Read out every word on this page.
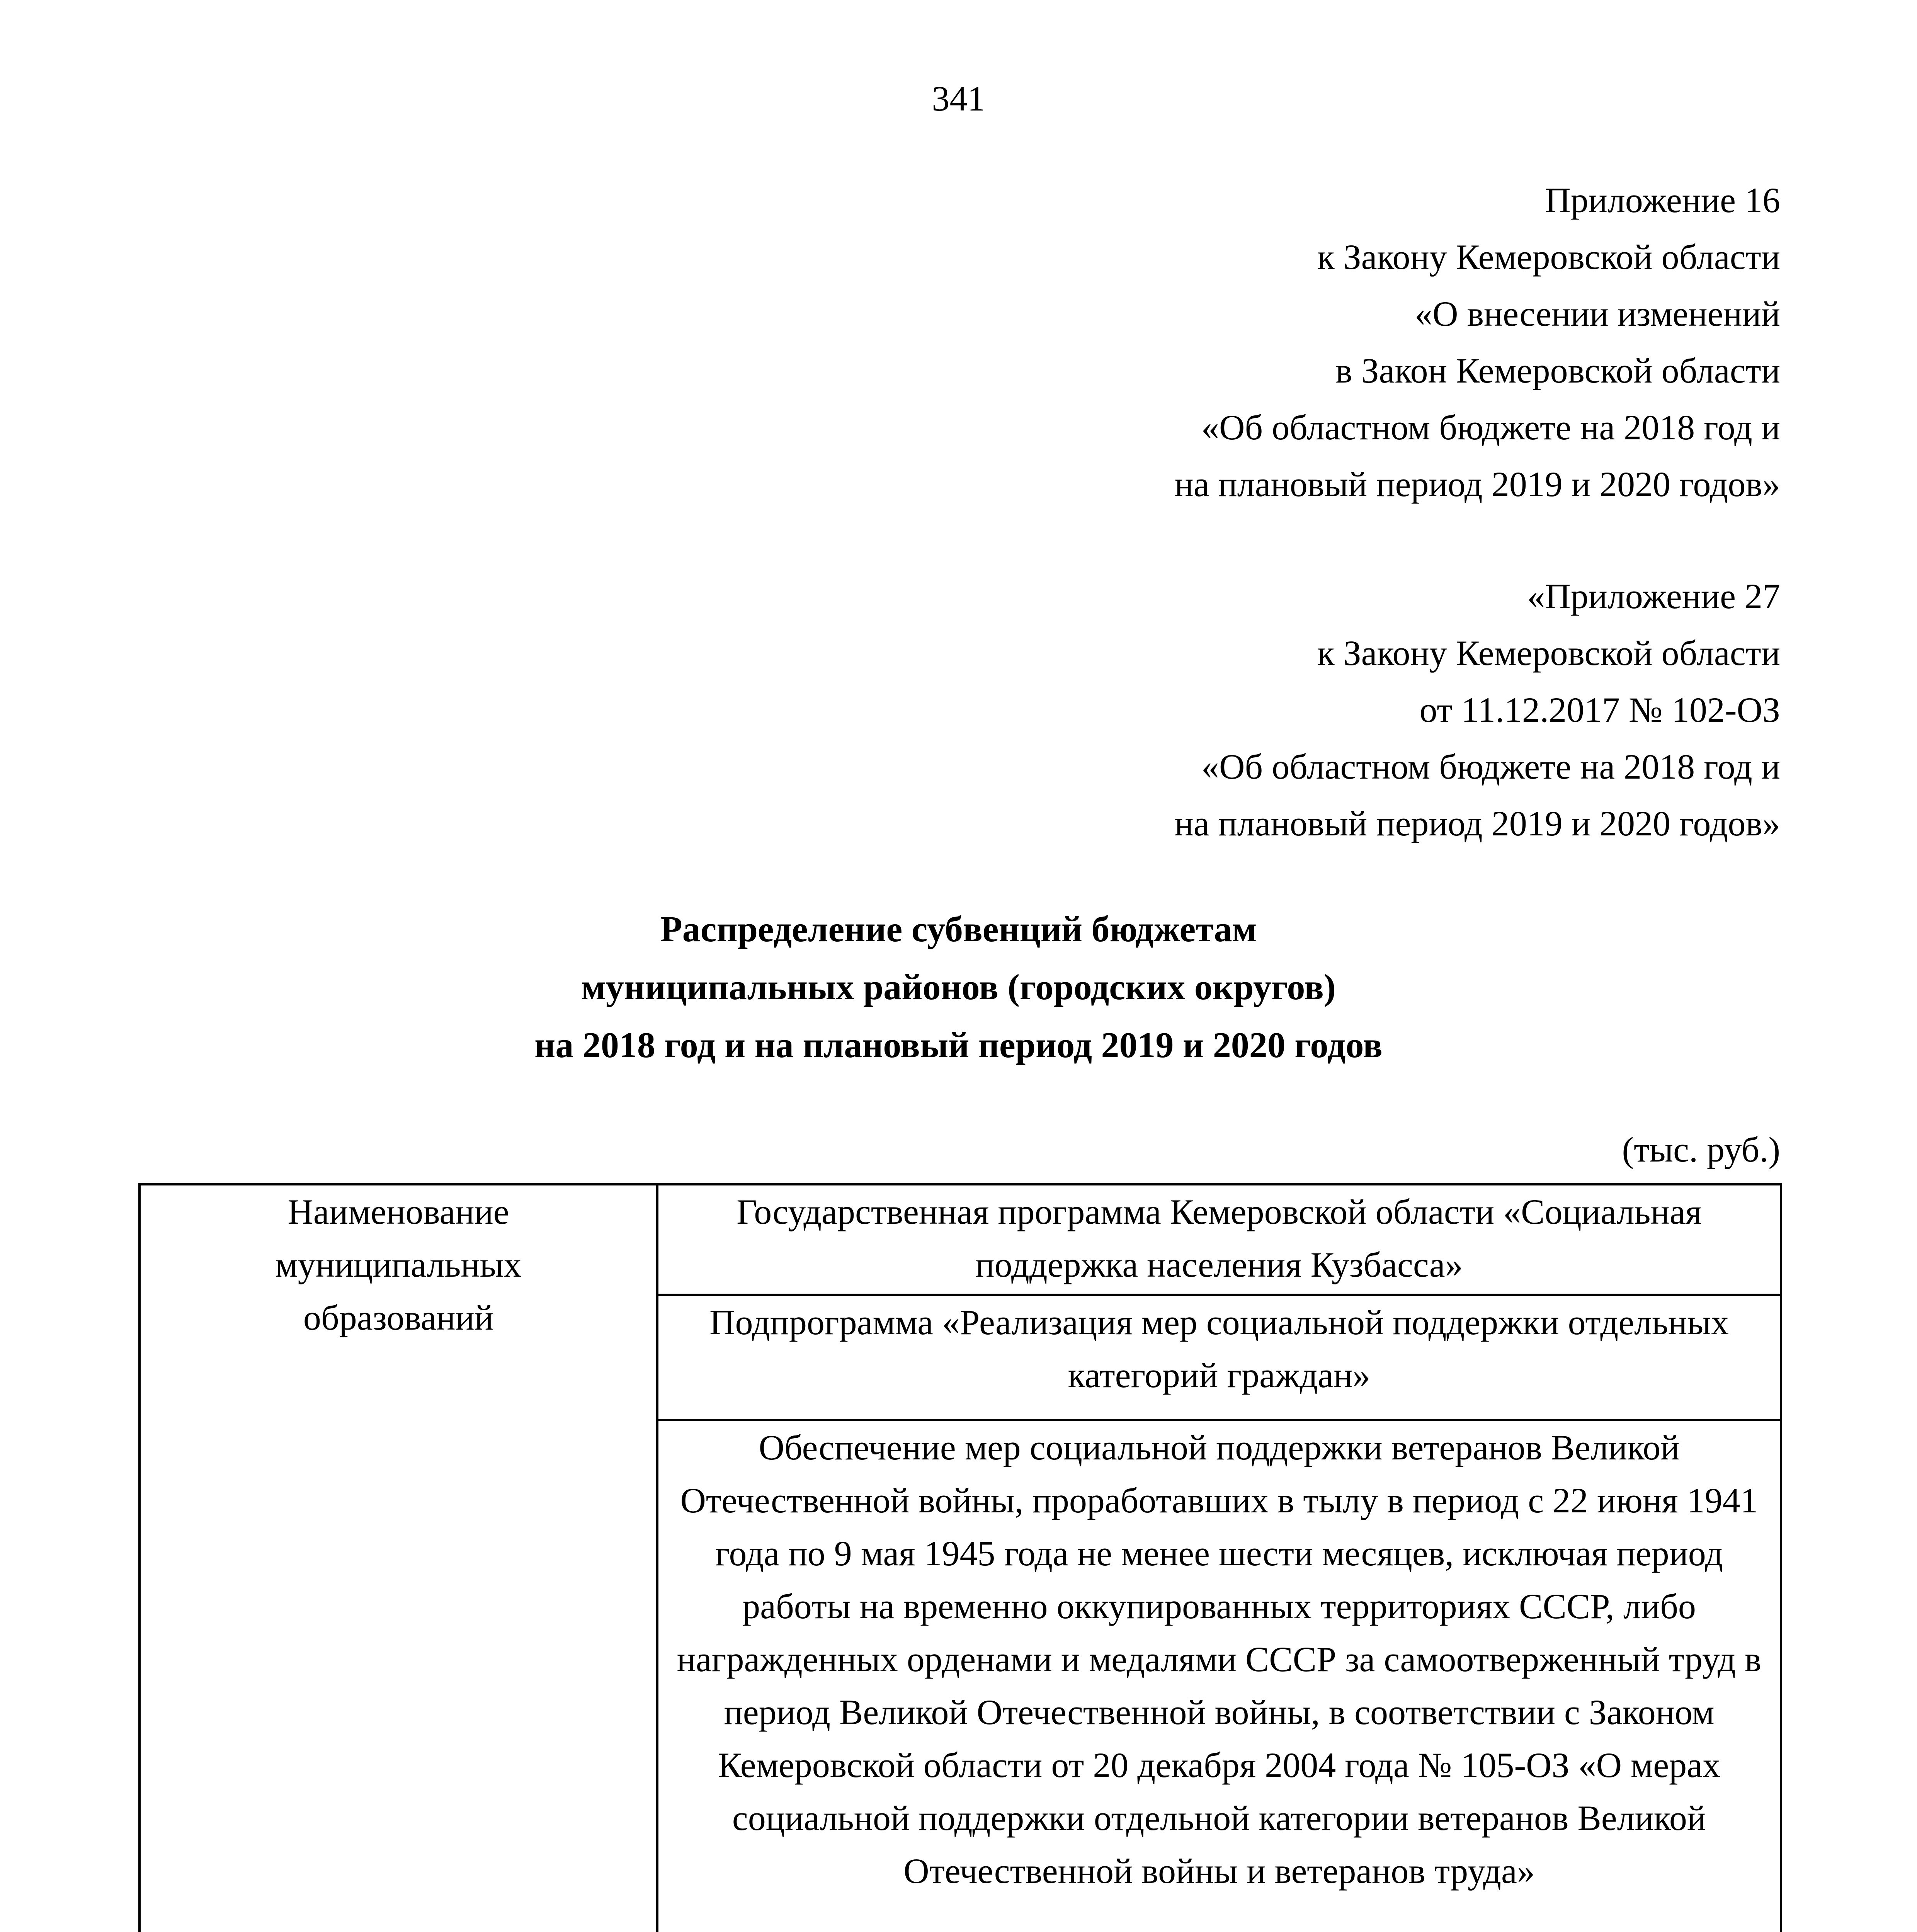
341
Приложение 16
к Закону Кемеровской области
«О внесении изменений
в Закон Кемеровской области
«Об областном бюджете на 2018 год и
на плановый период 2019 и 2020 годов»
«Приложение 27
к Закону Кемеровской области
от 11.12.2017 № 102-ОЗ
«Об областном бюджете на 2018 год и
на плановый период 2019 и 2020 годов»
Распределение субвенций бюджетам
муниципальных районов (городских округов)
на 2018 год и на плановый период 2019 и 2020 годов
(тыс. руб.)
Наименование муниципальных образований	Государственная программа Кемеровской области «Социальная поддержка населения Кузбасса»		
	Подпрограмма «Реализация мер социальной поддержки отдельных категорий граждан»		
	Обеспечение мер социальной поддержки ветеранов Великой Отечественной войны, проработавших в тылу в период с 22 июня 1941 года по 9 мая 1945 года не менее шести месяцев, исключая период работы на временно оккупированных территориях СССР, либо награжденных орденами и медалями СССР за самоотверженный труд в период Великой Отечественной войны, в соответствии с Законом Кемеровской области от 20 декабря 2004 года № 105-ОЗ «О мерах социальной поддержки отдельной категории ветеранов Великой Отечественной войны и ветеранов труда»		
